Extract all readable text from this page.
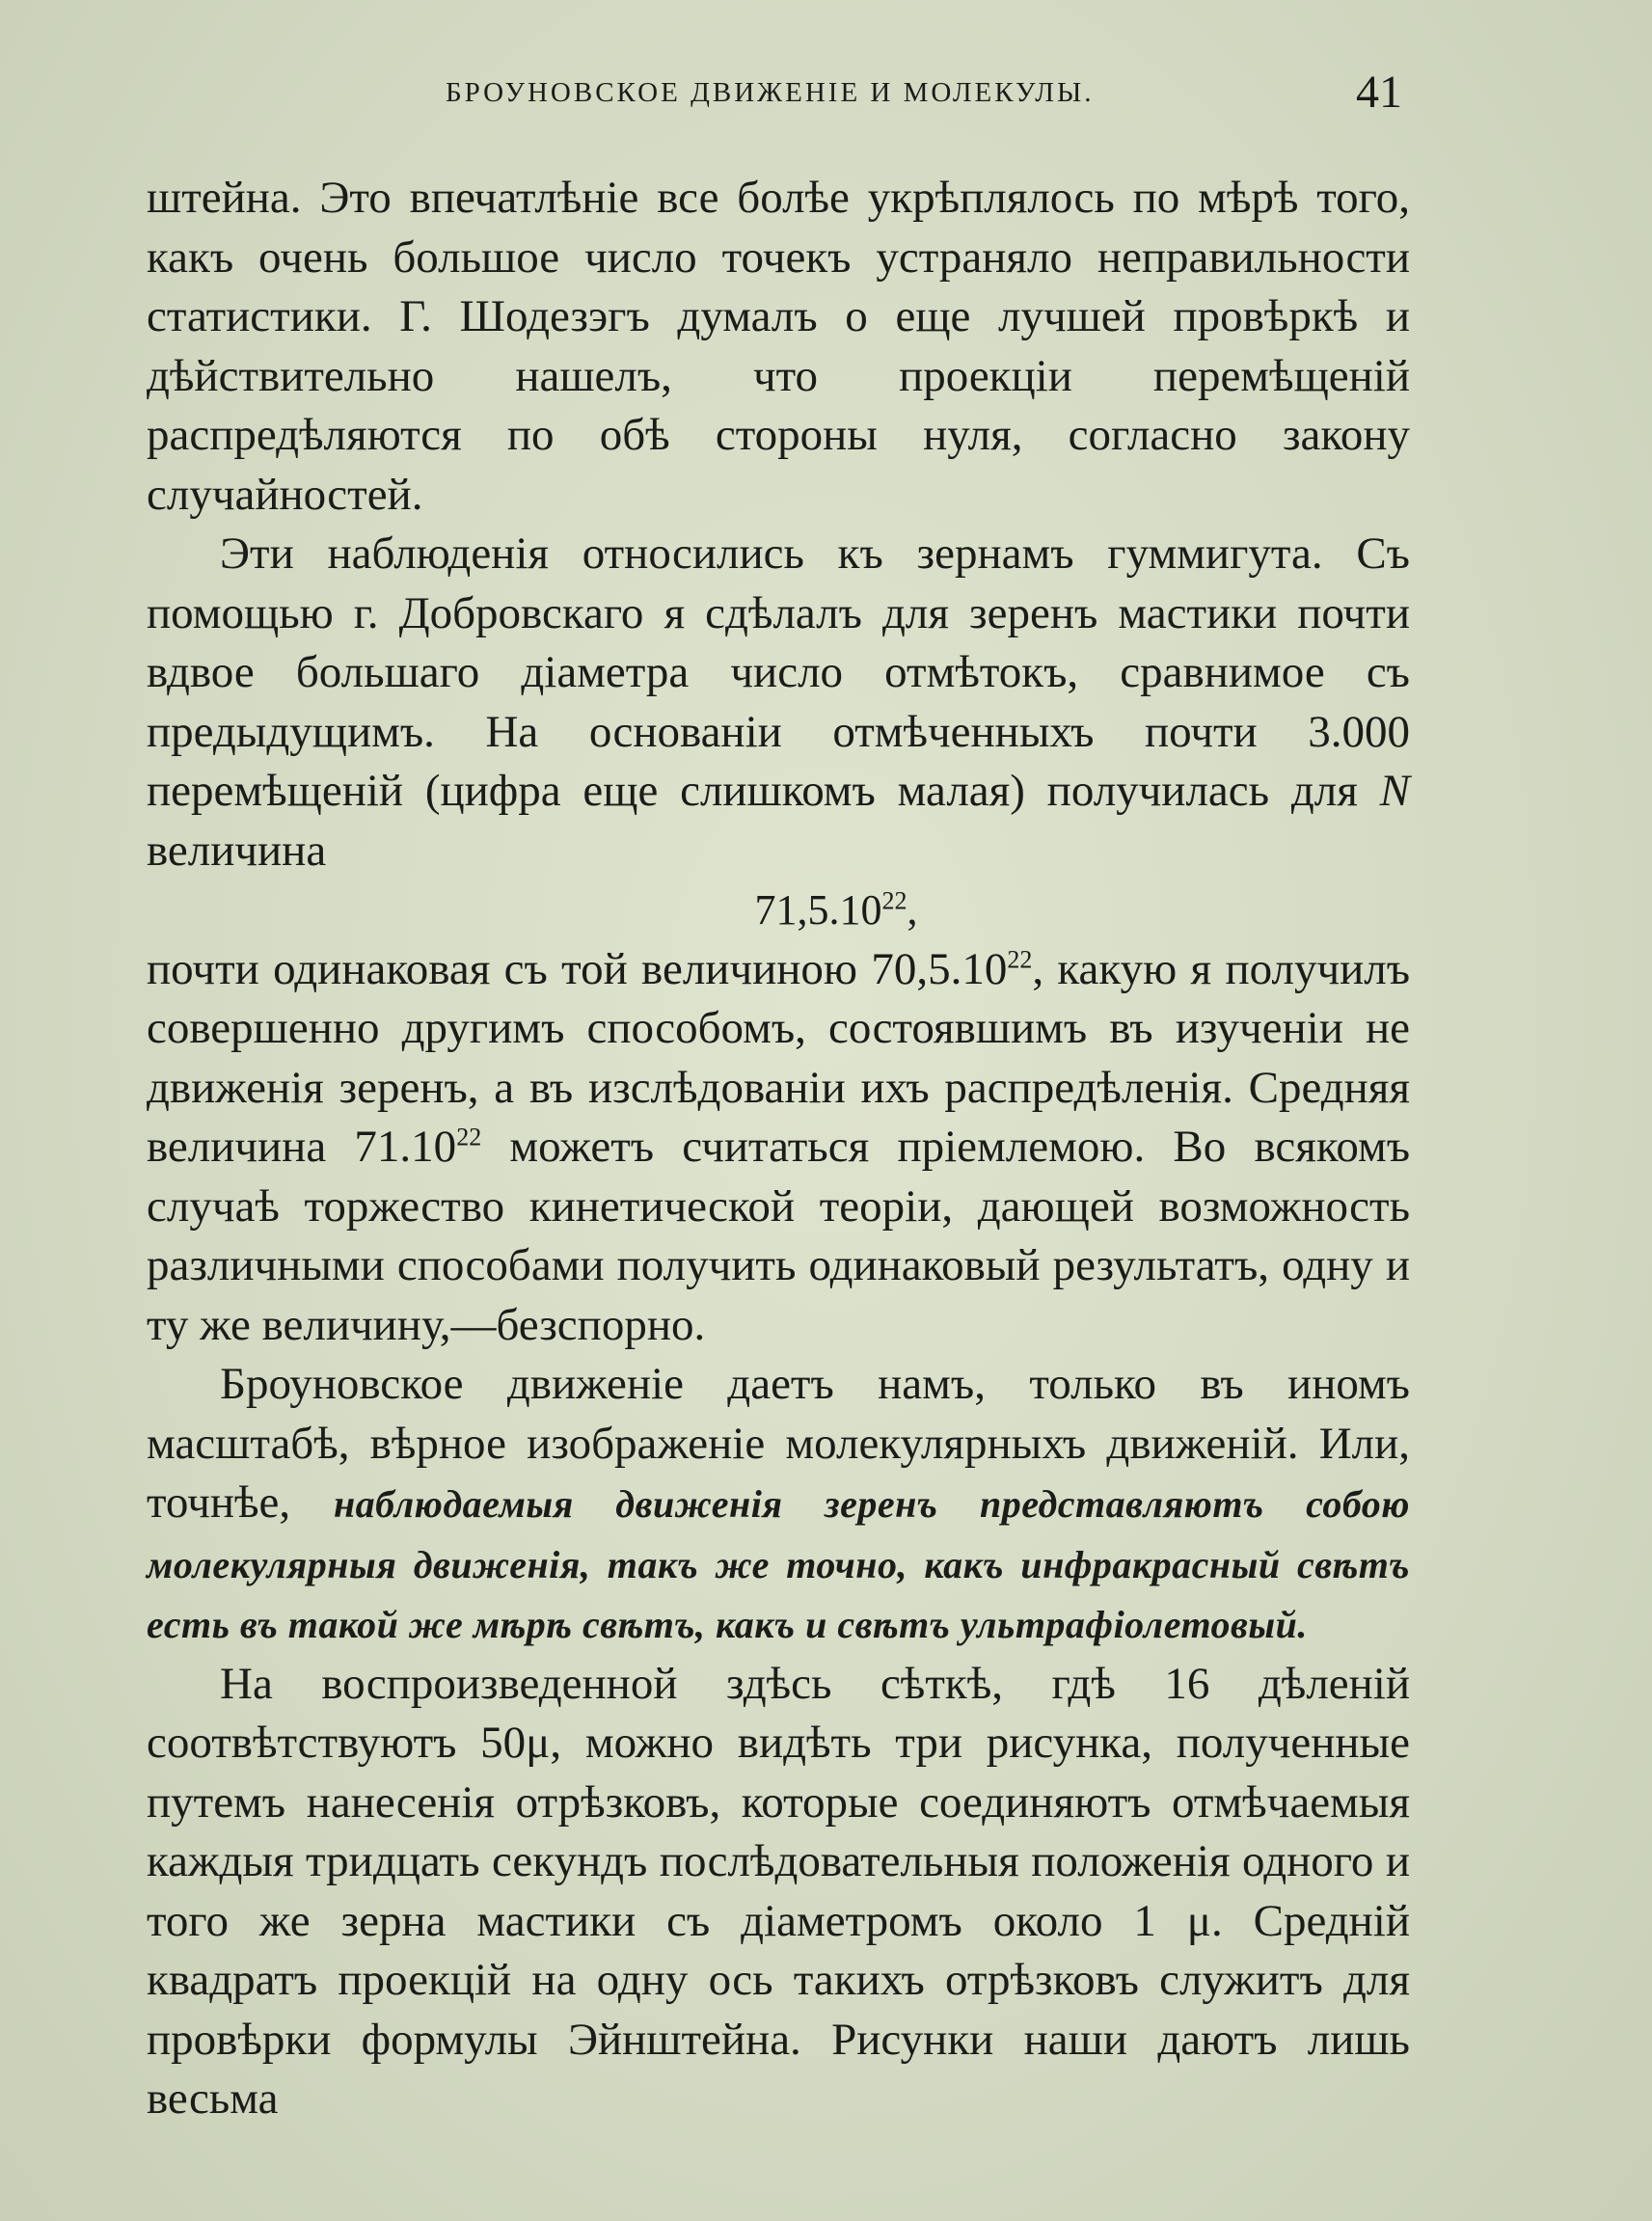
БРОУНОВСКОЕ ДВИЖЕНІЕ И МОЛЕКУЛЫ.	41

штейна. Это впечатлѣніе все болѣе укрѣплялось по мѣрѣ того, какъ очень большое число точекъ устраняло неправильности статистики. Г. Шодезэгъ думалъ о еще лучшей провѣркѣ и дѣйствительно нашелъ, что проекціи перемѣщеній распредѣляются по обѣ стороны нуля, согласно закону случайностей.

Эти наблюденія относились къ зернамъ гуммигута. Съ помощью г. Добровскаго я сдѣлалъ для зеренъ мастики почти вдвое большаго діаметра число отмѣтокъ, сравнимое съ предыдущимъ. На основаніи отмѣченныхъ почти 3.000 перемѣщеній (цифра еще слишкомъ малая) получилась для N величина

71,5.10$^{22}$,

почти одинаковая съ той величиною 70,5.10$^{22}$, какую я получилъ совершенно другимъ способомъ, состоявшимъ въ изученіи не движенія зеренъ, а въ изслѣдованіи ихъ распредѣленія. Средняя величина 71.10$^{22}$ можетъ считаться пріемлемою. Во всякомъ случаѣ торжество кинетической теоріи, дающей возможность различными способами получить одинаковый результатъ, одну и ту же величину,—безспорно.

Броуновское движеніе даетъ намъ, только въ иномъ масштабѣ, вѣрное изображеніе молекулярныхъ движеній. Или, точнѣе, наблюдаемыя движенія зеренъ представляютъ собою молекулярныя движенія, такъ же точно, какъ инфракрасный свѣтъ есть въ такой же мѣрѣ свѣтъ, какъ и свѣтъ ультрафіолетовый.

На воспроизведенной здѣсь сѣткѣ, гдѣ 16 дѣленій соотвѣтствуютъ 50μ, можно видѣть три рисунка, полученные путемъ нанесенія отрѣзковъ, которые соединяютъ отмѣчаемыя каждыя тридцать секундъ послѣдовательныя положенія одного и того же зерна мастики съ діаметромъ около 1 μ. Средній квадратъ проекцій на одну ось такихъ отрѣзковъ служитъ для провѣрки формулы Эйнштейна. Рисунки наши даютъ лишь весьма
